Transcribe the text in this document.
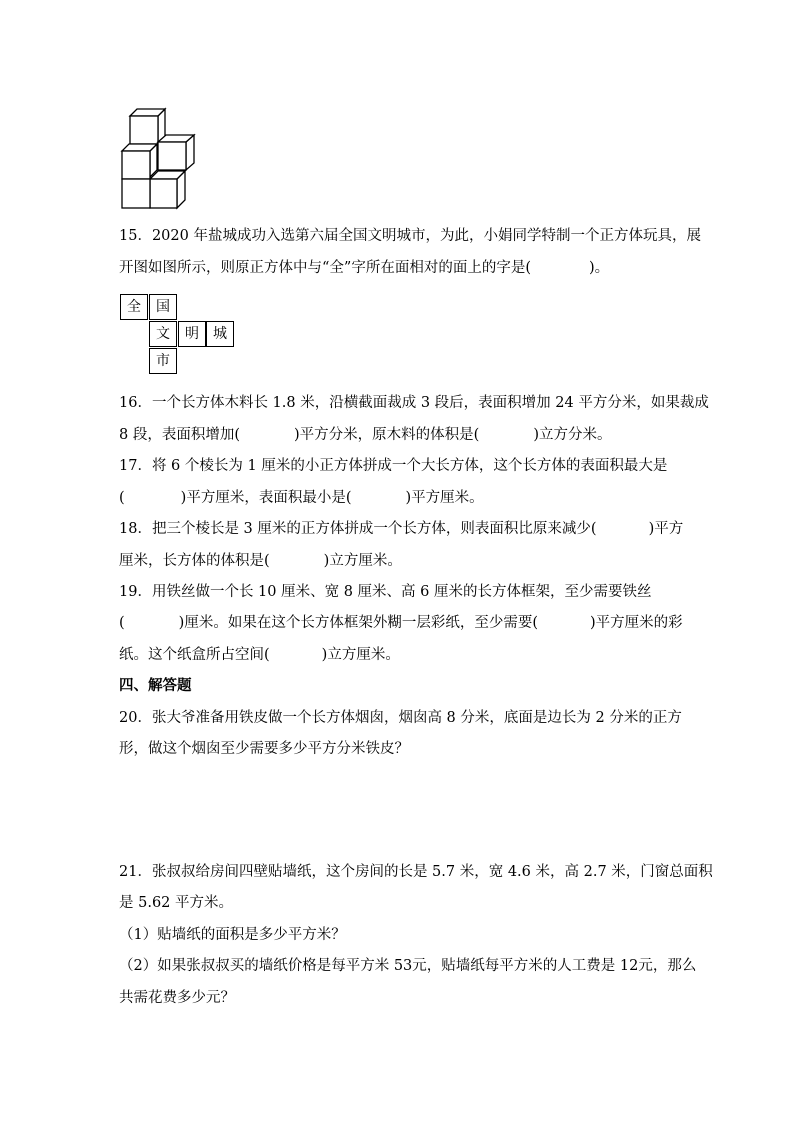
15．2020 年盐城成功入选第六届全国文明城市，为此，小娟同学特制一个正方体玩具，展
开图如图所示，则原正方体中与“全”字所在面相对的面上的字是(	)。
全	国
文	明	城
市
16．一个长方体木料长 1.8 米，沿横截面裁成 3 段后，表面积增加 24 平方分米，如果裁成
8 段，表面积增加(	)平方分米，原木料的体积是(	)立方分米。
17．将 6 个棱长为 1 厘米的小正方体拼成一个大长方体，这个长方体的表面积最大是
(	)平方厘米，表面积最小是(	)平方厘米。
18．把三个棱长是 3 厘米的正方体拼成一个长方体，则表面积比原来减少(	)平方
厘米，长方体的体积是(	)立方厘米。
19．用铁丝做一个长 10 厘米、宽 8 厘米、高 6 厘米的长方体框架，至少需要铁丝
(	)厘米。如果在这个长方体框架外糊一层彩纸，至少需要(	)平方厘米的彩
纸。这个纸盒所占空间(	)立方厘米。
四、解答题
20．张大爷准备用铁皮做一个长方体烟囱，烟囱高 8 分米，底面是边长为 2 分米的正方
形，做这个烟囱至少需要多少平方分米铁皮？
21．张叔叔给房间四壁贴墙纸，这个房间的长是 5.7 米，宽 4.6 米，高 2.7 米，门窗总面积
是 5.62 平方米。
（1）贴墙纸的面积是多少平方米？
（2）如果张叔叔买的墙纸价格是每平方米 53元，贴墙纸每平方米的人工费是 12元，那么
共需花费多少元？
